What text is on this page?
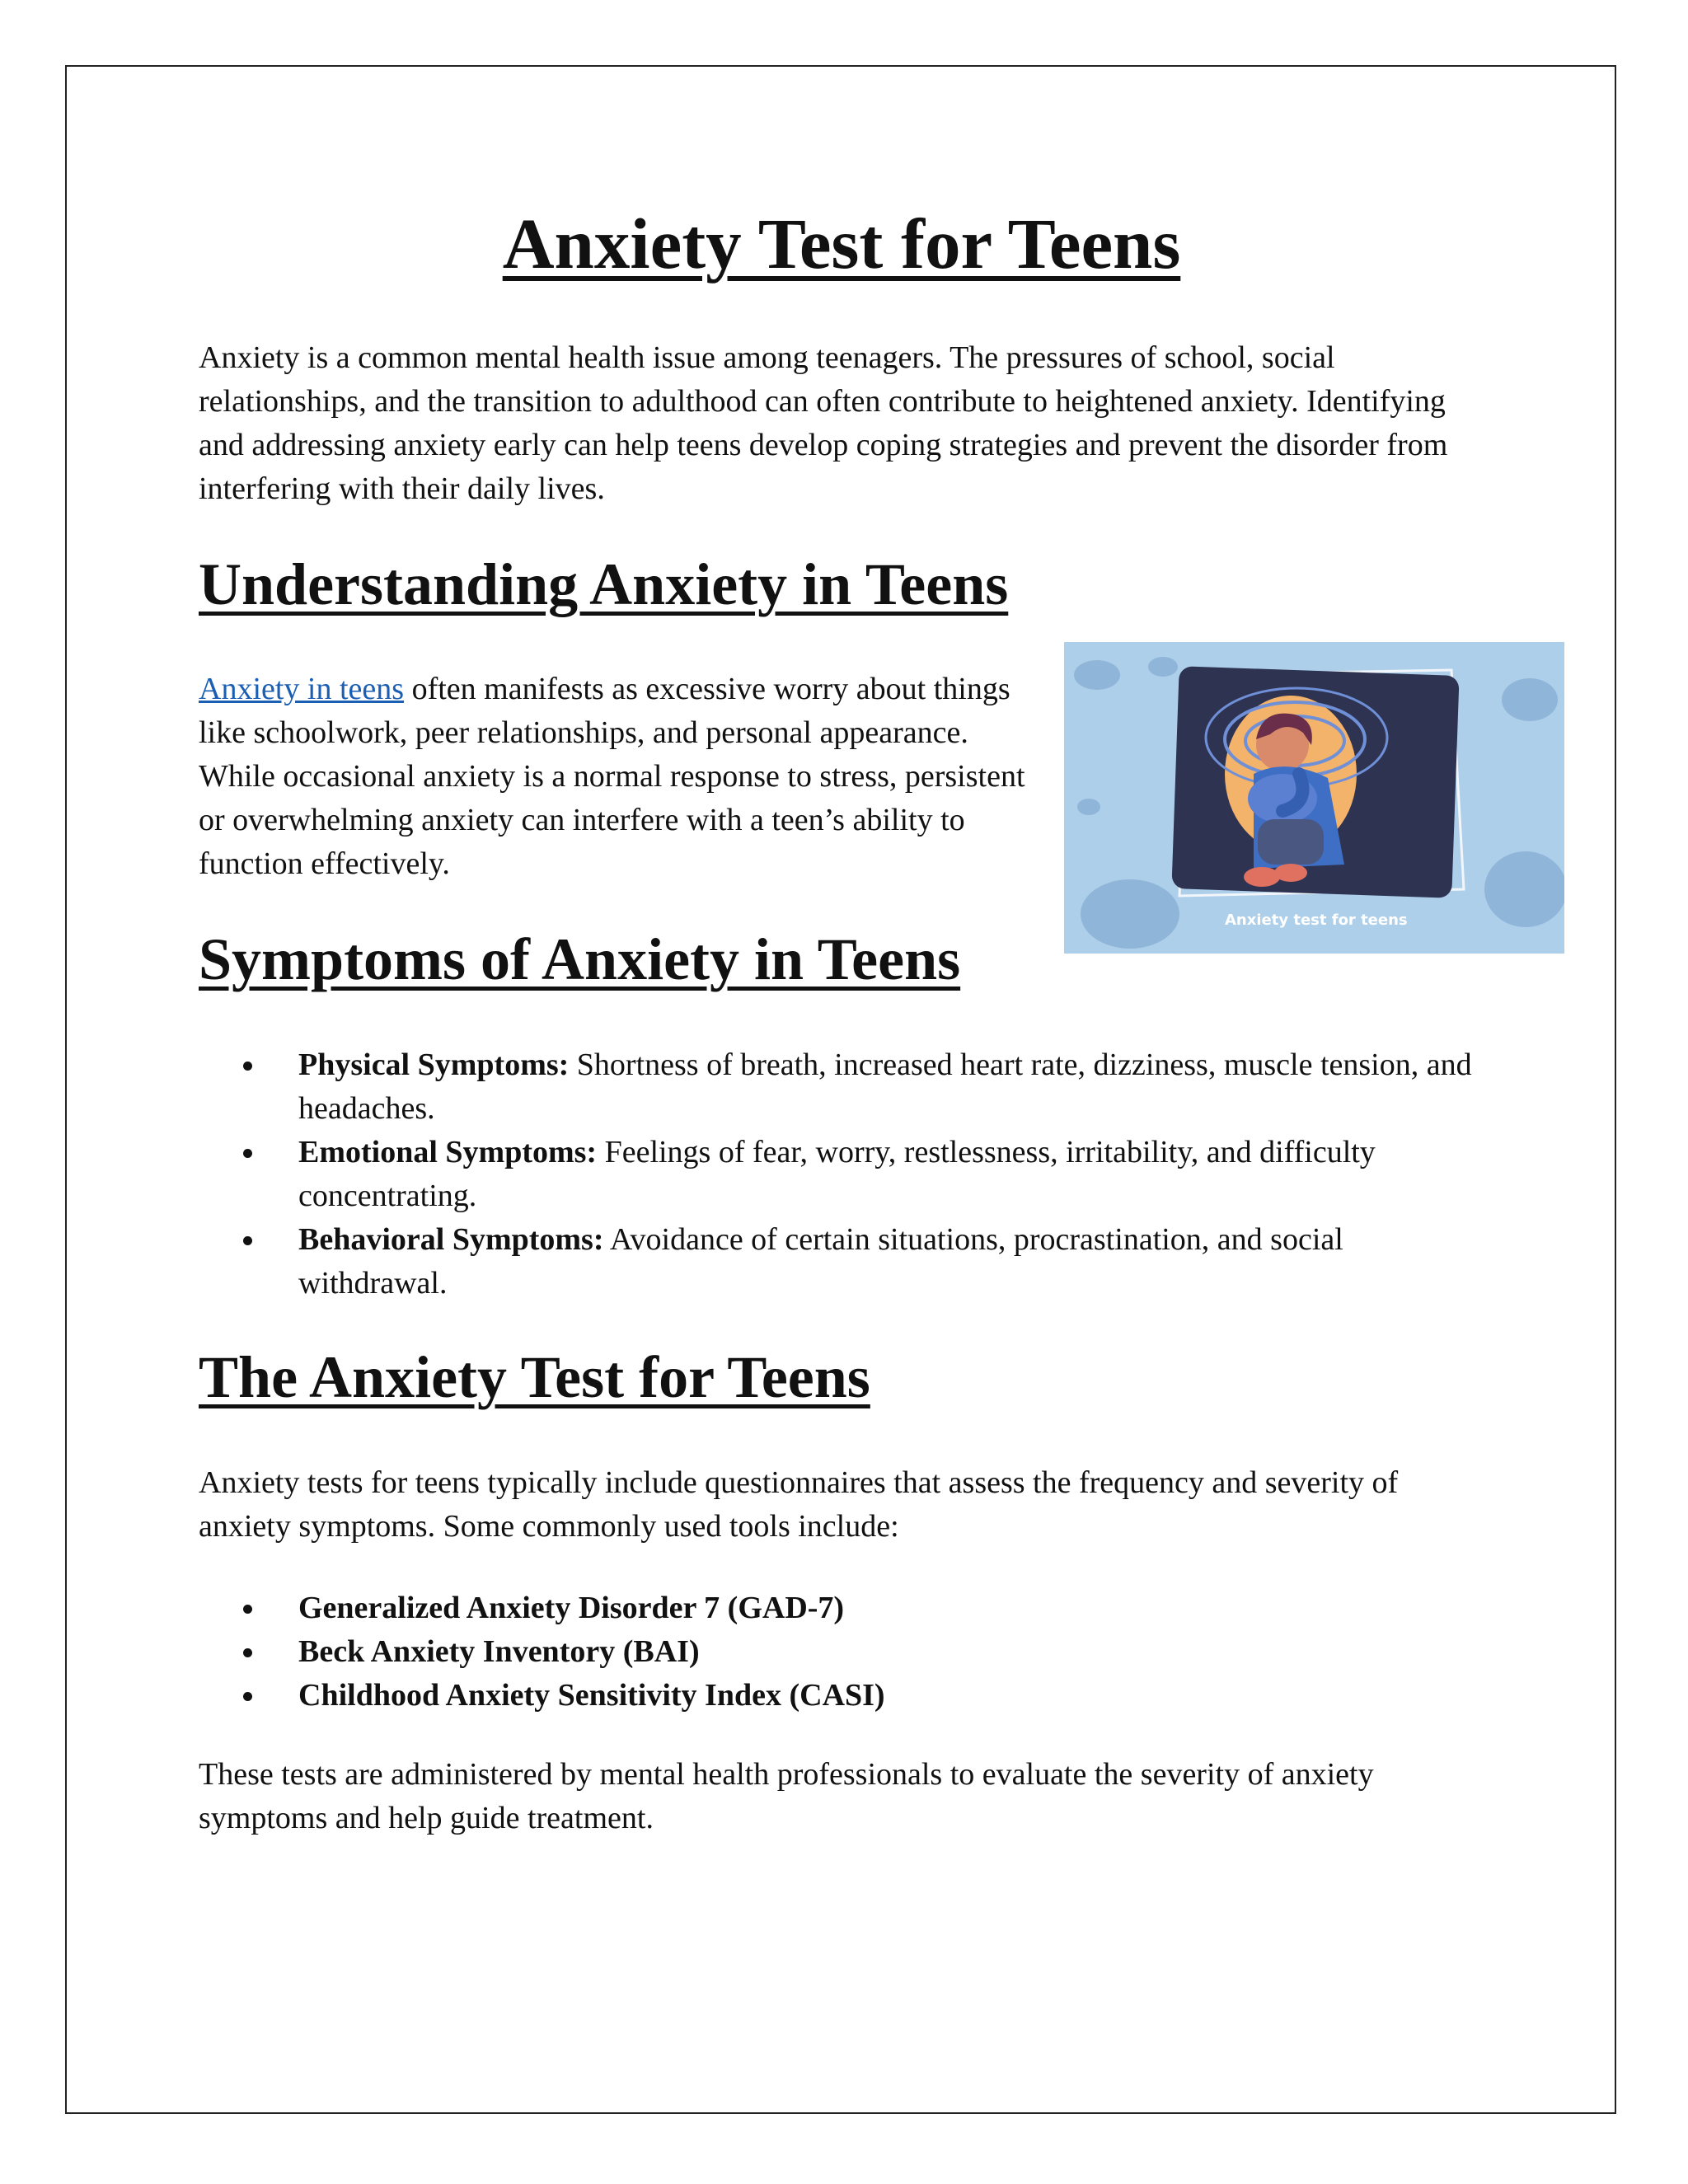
Anxiety Test for Teens

Anxiety is a common mental health issue among teenagers. The pressures of school, social relationships, and the transition to adulthood can often contribute to heightened anxiety. Identifying and addressing anxiety early can help teens develop coping strategies and prevent the disorder from interfering with their daily lives.

Understanding Anxiety in Teens

Anxiety in teens often manifests as excessive worry about things like schoolwork, peer relationships, and personal appearance. While occasional anxiety is a normal response to stress, persistent or overwhelming anxiety can interfere with a teen’s ability to function effectively.

Symptoms of Anxiety in Teens
Physical Symptoms: Shortness of breath, increased heart rate, dizziness, muscle tension, and headaches.
Emotional Symptoms: Feelings of fear, worry, restlessness, irritability, and difficulty concentrating.
Behavioral Symptoms: Avoidance of certain situations, procrastination, and social withdrawal.
The Anxiety Test for Teens

Anxiety tests for teens typically include questionnaires that assess the frequency and severity of anxiety symptoms. Some commonly used tools include:

Generalized Anxiety Disorder 7 (GAD-7)
Beck Anxiety Inventory (BAI)
Childhood Anxiety Sensitivity Index (CASI)

These tests are administered by mental health professionals to evaluate the severity of anxiety symptoms and help guide treatment.

Anxiety test for teens
